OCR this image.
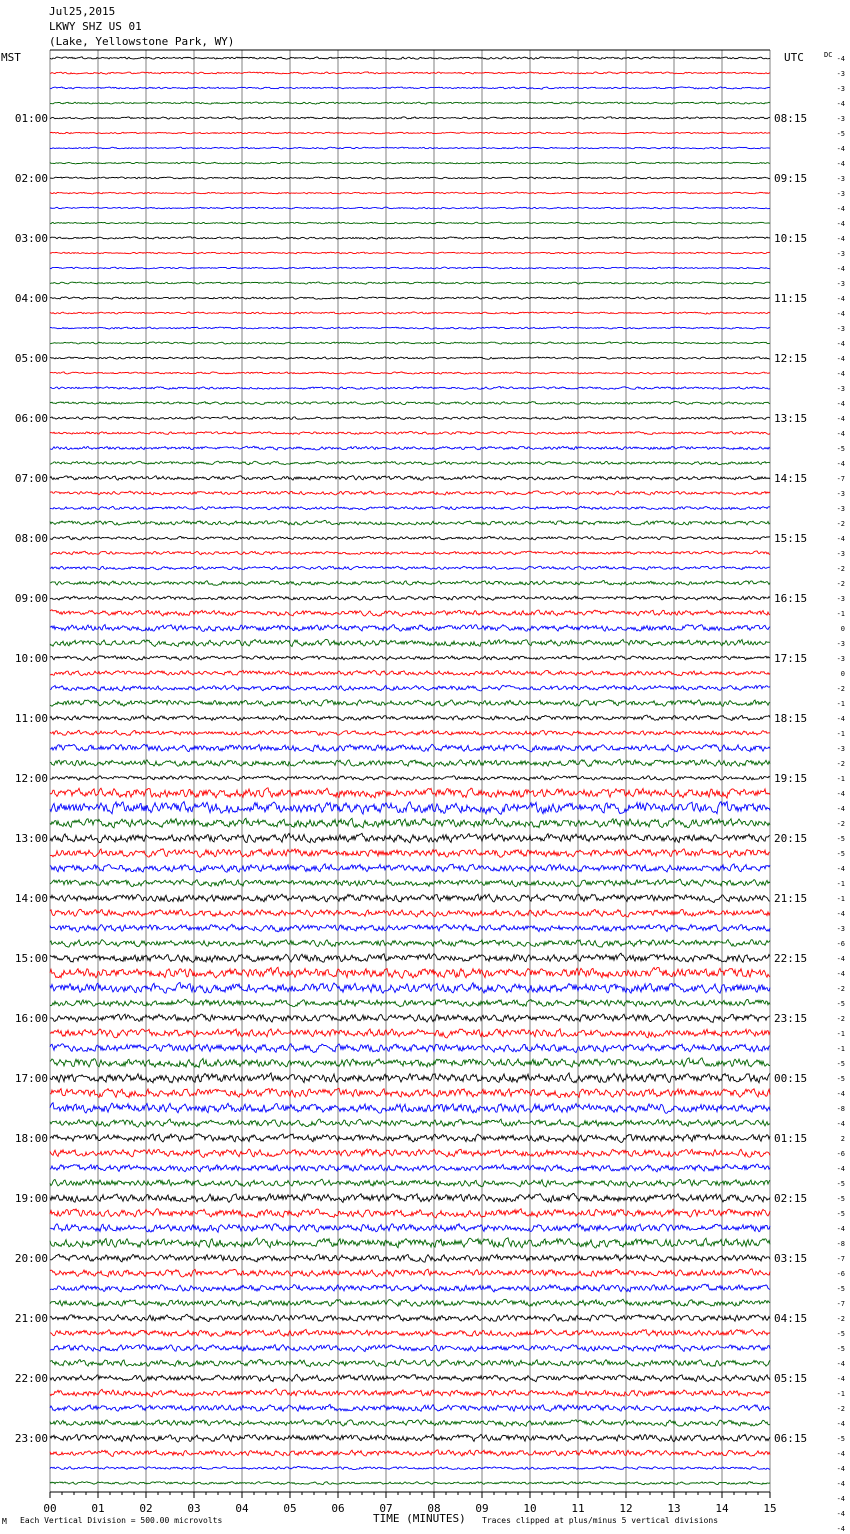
Jul25,2015
LKWY SHZ US 01
(Lake, Yellowstone Park, WY)
MST	UTC	DC
01:00
02:00
03:00
04:00
05:00
06:00
07:00
08:00
09:00
10:00
11:00
12:00
13:00
14:00
15:00
16:00
17:00
18:00
19:00
20:00
21:00
22:00
23:00
08:15
09:15
10:15
11:15
12:15
13:15
14:15
15:15
16:15
17:15
18:15
19:15
20:15
21:15
22:15
23:15
00:15
01:15
02:15
03:15
04:15
05:15
06:15
-4
-3
-3
-4
-3
-5
-4
-4
-3
-3
-4
-4
-4
-3
-4
-3
-4
-4
-3
-4
-4
-4
-3
-4
-4
-4
-5
-4
-7
-3
-3
-2
-4
-3
-2
-2
-3
-1
0
-3
-3
0
-2
-1
-4
-1
-3
-2
-1
-4
-4
-2
-5
-5
-4
-1
-1
-4
-3
-6
-4
-4
-2
-5
-2
-1
-1
-5
-5
-4
-8
-4
2
-6
-4
-5
-5
-5
-4
-8
-7
-6
-5
-7
-2
-5
-5
-4
-4
-1
-2
-4
-5
-4
-4
-4
-4
-4
-4
00	01	02	03	04	05	06	07	08	09	10	11	12	13	14	15
TIME (MINUTES)
M Each Vertical Division = 500.00 microvolts	Traces clipped at plus/minus 5 vertical divisions
